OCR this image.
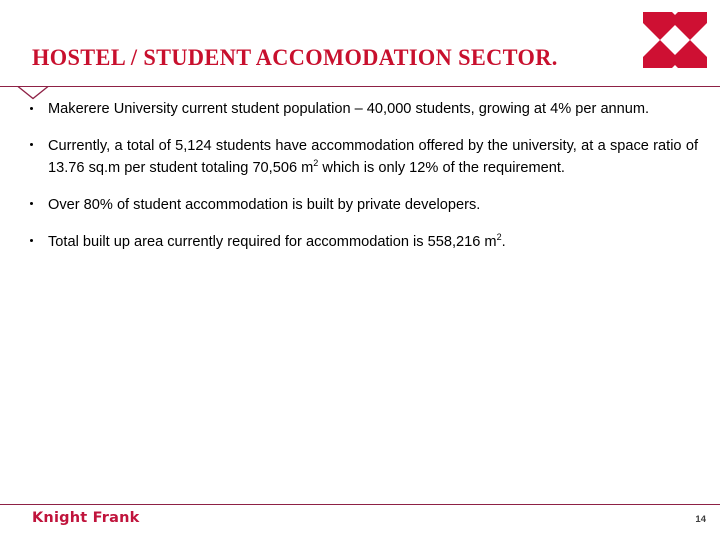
HOSTEL / STUDENT ACCOMODATION SECTOR.
Makerere University current student population – 40,000 students, growing at 4% per annum.
Currently, a total of 5,124 students have accommodation offered by the university, at a space ratio of 13.76 sq.m per student totaling 70,506 $m^2$ which is only 12% of the requirement.
Over 80% of student accommodation is built by private developers.
Total built up area currently required for accommodation is 558,216 $m^2$.
Knight Frank	14
